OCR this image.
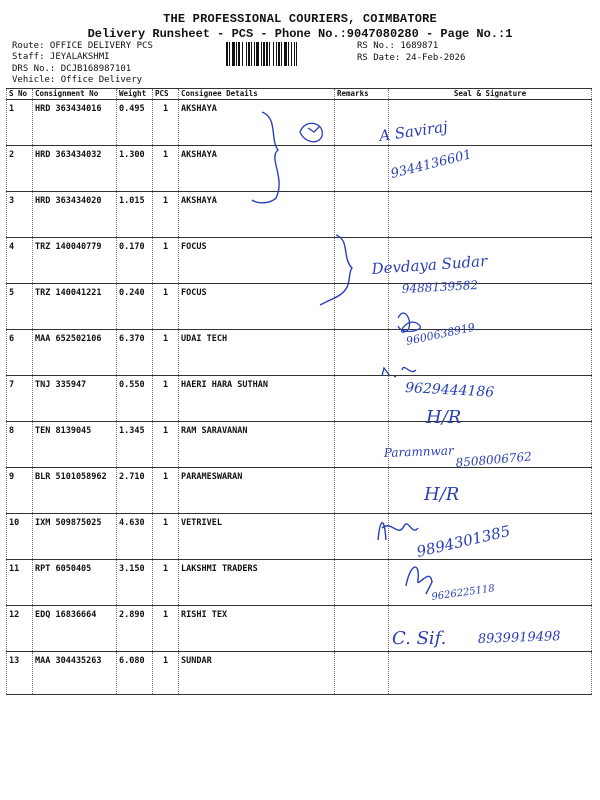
THE PROFESSIONAL COURIERS, COIMBATORE
Delivery Runsheet - PCS - Phone No.:9047080280 - Page No.:1
Route: OFFICE DELIVERY PCS
Staff: JEYALAKSHMI
DRS No.: DCJB168987101
Vehicle: Office Delivery
RS No.: 1689871
RS Date: 24-Feb-2026
S No	Consignment No	Weight	PCS	Consignee Details	Remarks	Seal & Signature
1	HRD 363434016	0.495	1	AKSHAYA		
2	HRD 363434032	1.300	1	AKSHAYA		
3	HRD 363434020	1.015	1	AKSHAYA		
4	TRZ 140040779	0.170	1	FOCUS		
5	TRZ 140041221	0.240	1	FOCUS		
6	MAA 652502106	6.370	1	UDAI TECH		
7	TNJ 335947	0.550	1	HAERI HARA SUTHAN		
8	TEN 8139045	1.345	1	RAM SARAVANAN		
9	BLR 5101058962	2.710	1	PARAMESWARAN		
10	IXM 509875025	4.630	1	VETRIVEL		
11	RPT 6050405	3.150	1	LAKSHMI TRADERS		
12	EDQ 16836664	2.890	1	RISHI TEX		
13	MAA 304435263	6.080	1	SUNDAR		
A Saviraj
9344136601
Devdaya Sudar
9488139582
9600638919.
9629444186
H/R
Paramnwar 8508006762
H/R
9894301385
9626225118
C. Sif. 8939919498
